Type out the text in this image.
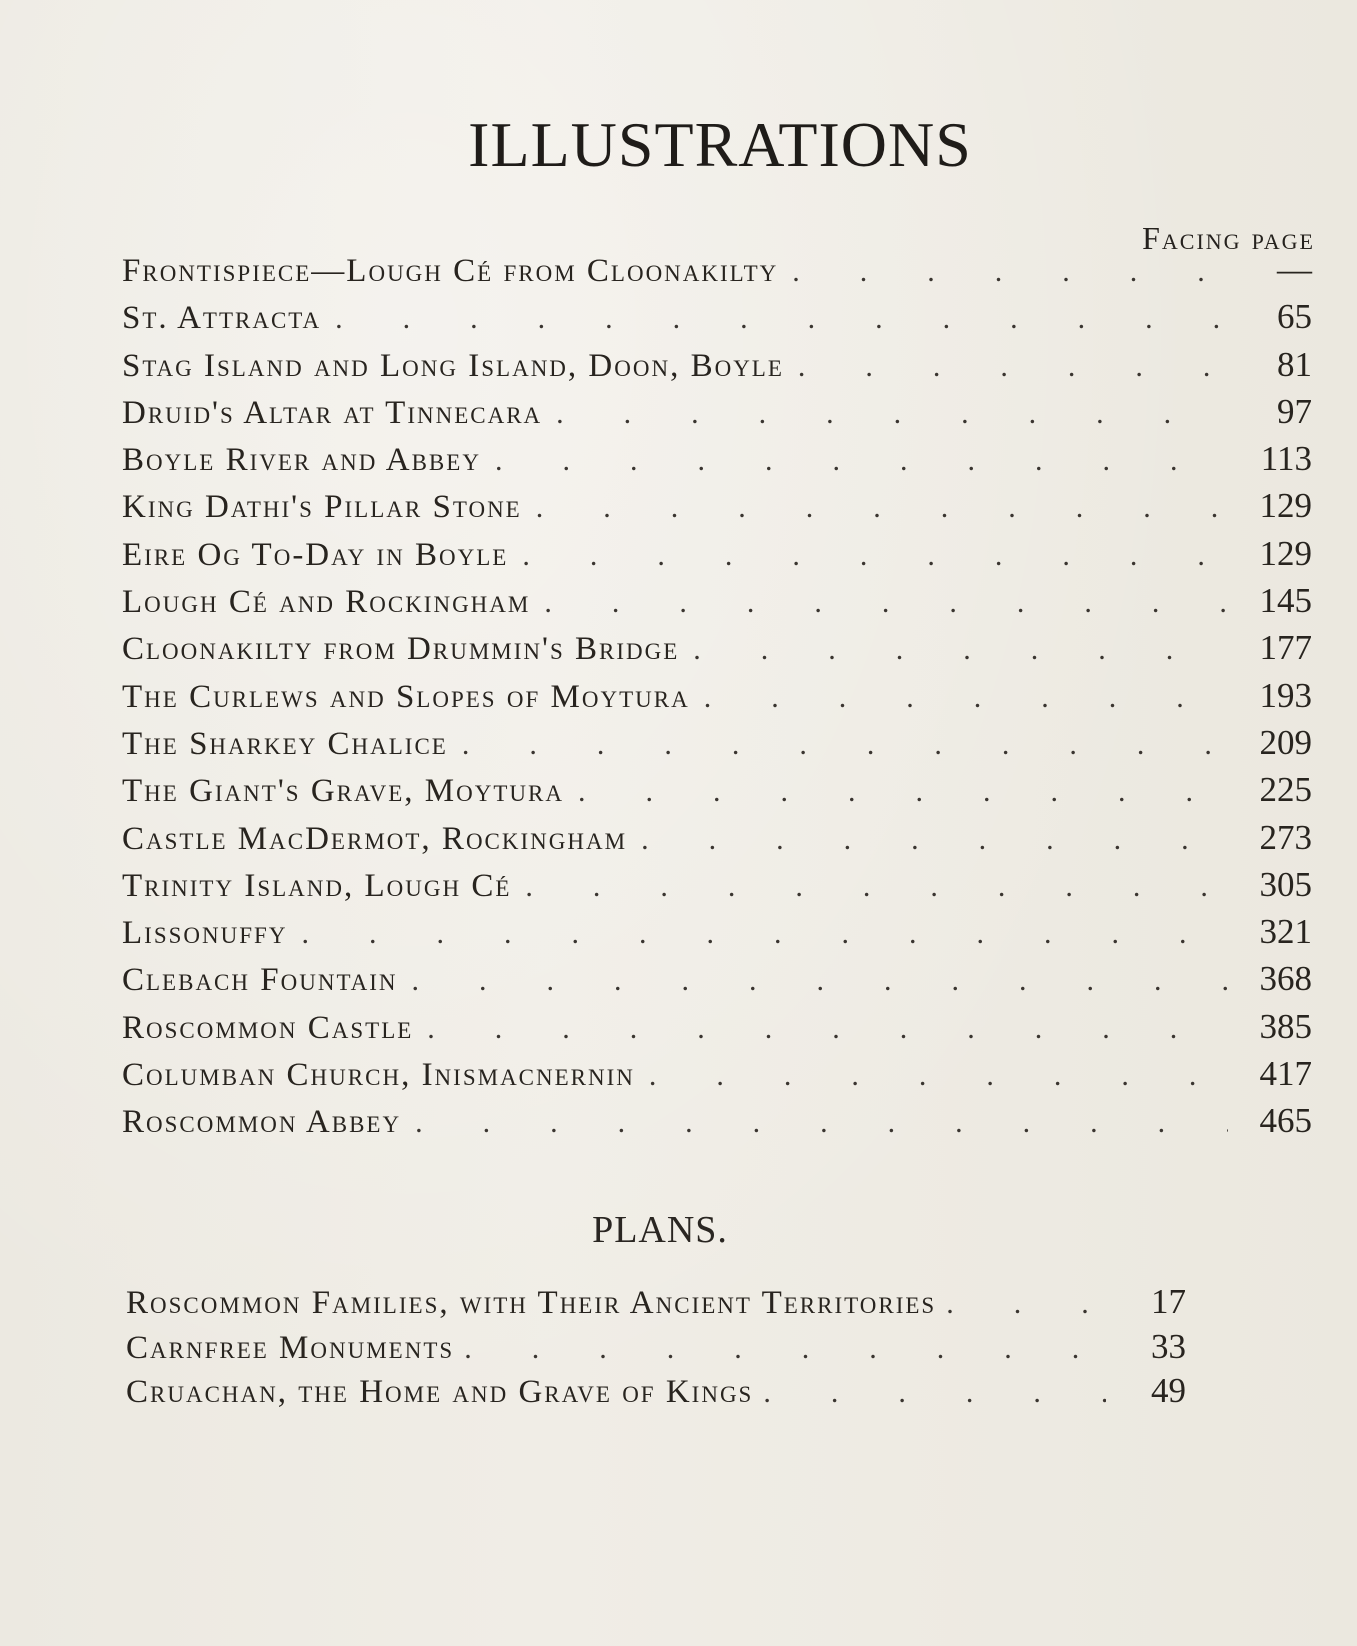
ILLUSTRATIONS
Facing page
Frontispiece—Lough Cé from Cloonakilty .	—
St. Attracta .	65
Stag Island and Long Island, Doon, Boyle .	81
Druid's Altar at Tinnecara .	97
Boyle River and Abbey .	113
King Dathi's Pillar Stone .	129
Eire Og To-Day in Boyle .	129
Lough Cé and Rockingham .	145
Cloonakilty from Drummin's Bridge .	177
The Curlews and Slopes of Moytura .	193
The Sharkey Chalice .	209
The Giant's Grave, Moytura .	225
Castle MacDermot, Rockingham .	273
Trinity Island, Lough Cé .	305
Lissonuffy .	321
Clebach Fountain .	368
Roscommon Castle .	385
Columban Church, Inismacnernin .	417
Roscommon Abbey .	465
PLANS.
Roscommon Families, with Their Ancient Territories .	17
Carnfree Monuments .	33
Cruachan, the Home and Grave of Kings .	49
